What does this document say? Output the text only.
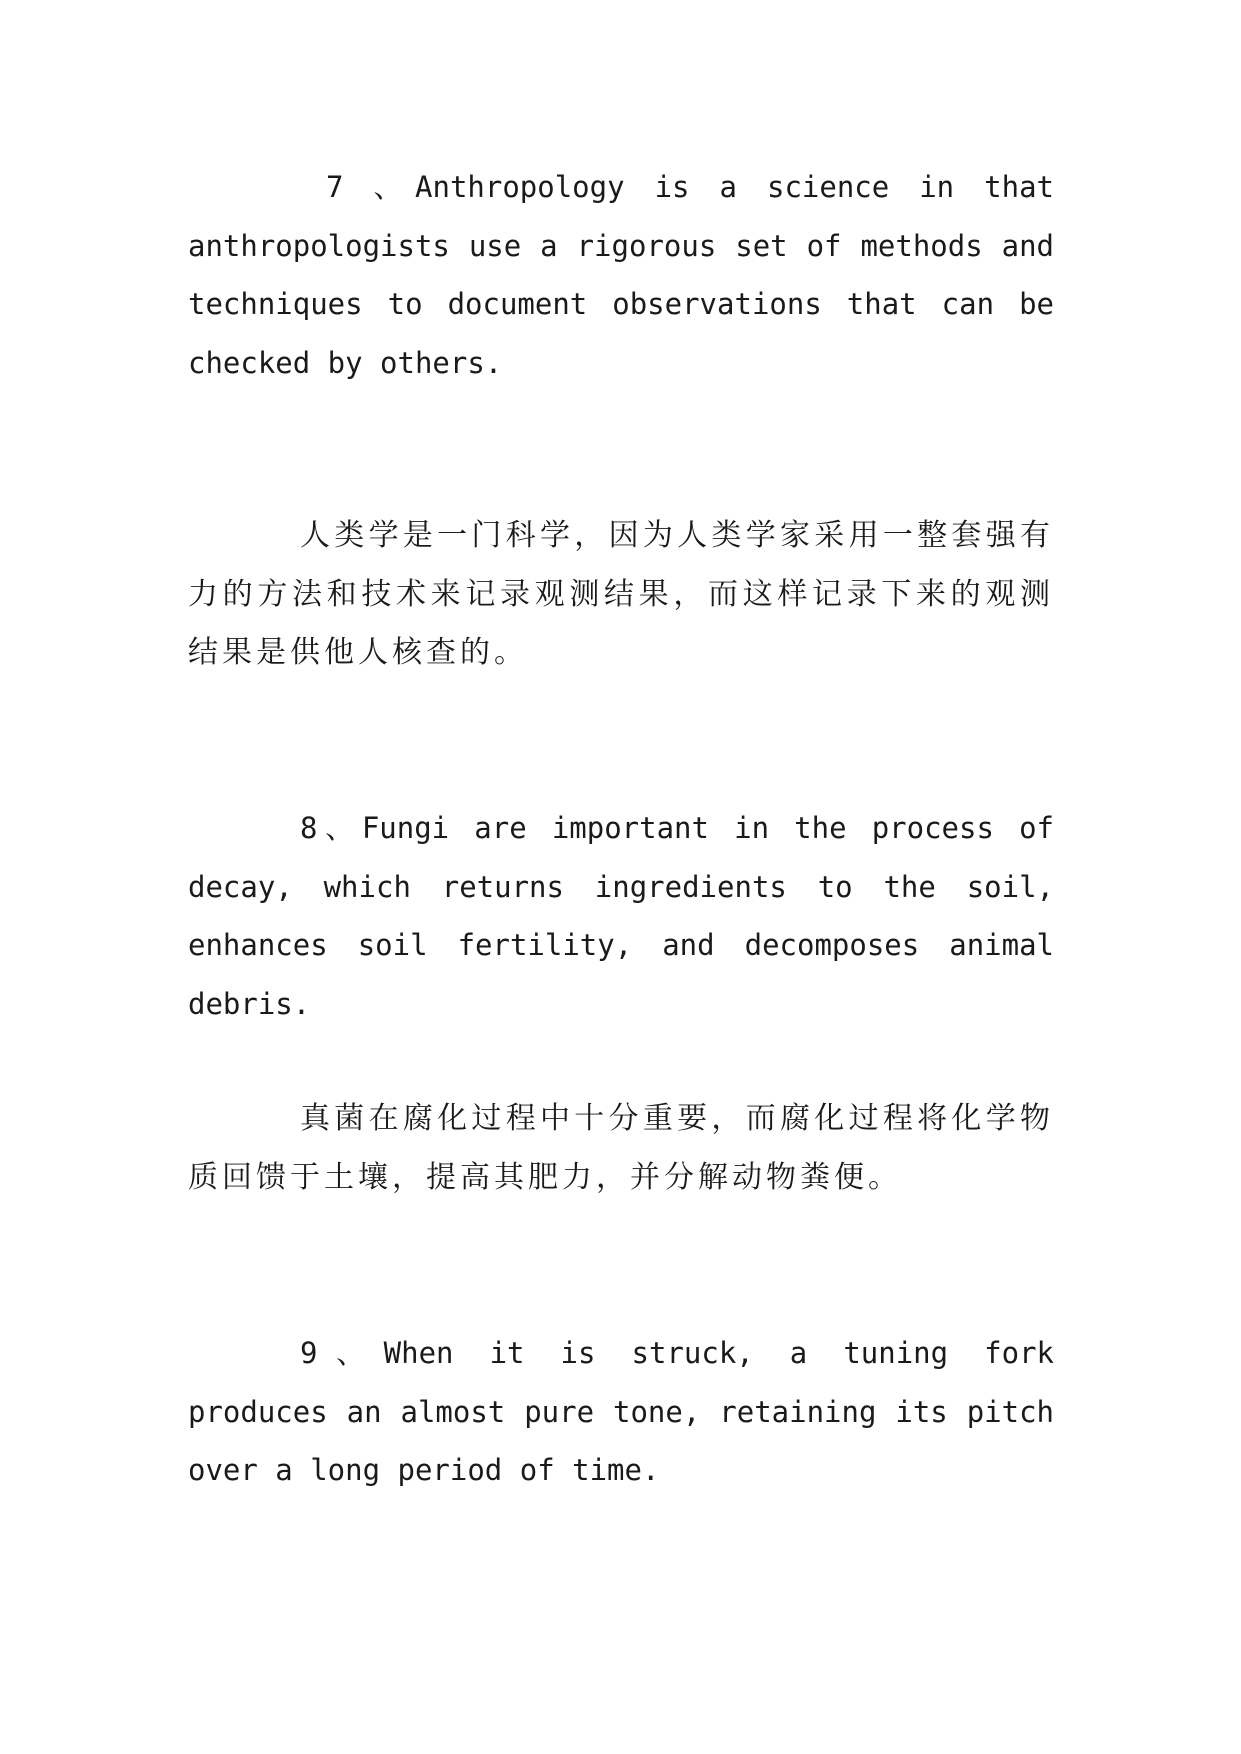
7 、Anthropology is a science in that anthropologists use a rigorous set of methods and techniques to document observations that can be checked by others.

人类学是一门科学，因为人类学家采用一整套强有力的方法和技术来记录观测结果，而这样记录下来的观测结果是供他人核查的。

8、Fungi are important in the process of decay, which returns ingredients to the soil, enhances soil fertility, and decomposes animal debris.

真菌在腐化过程中十分重要，而腐化过程将化学物质回馈于土壤，提高其肥力，并分解动物粪便。

9、When it is struck, a tuning fork produces an almost pure tone, retaining its pitch over a long period of time.
